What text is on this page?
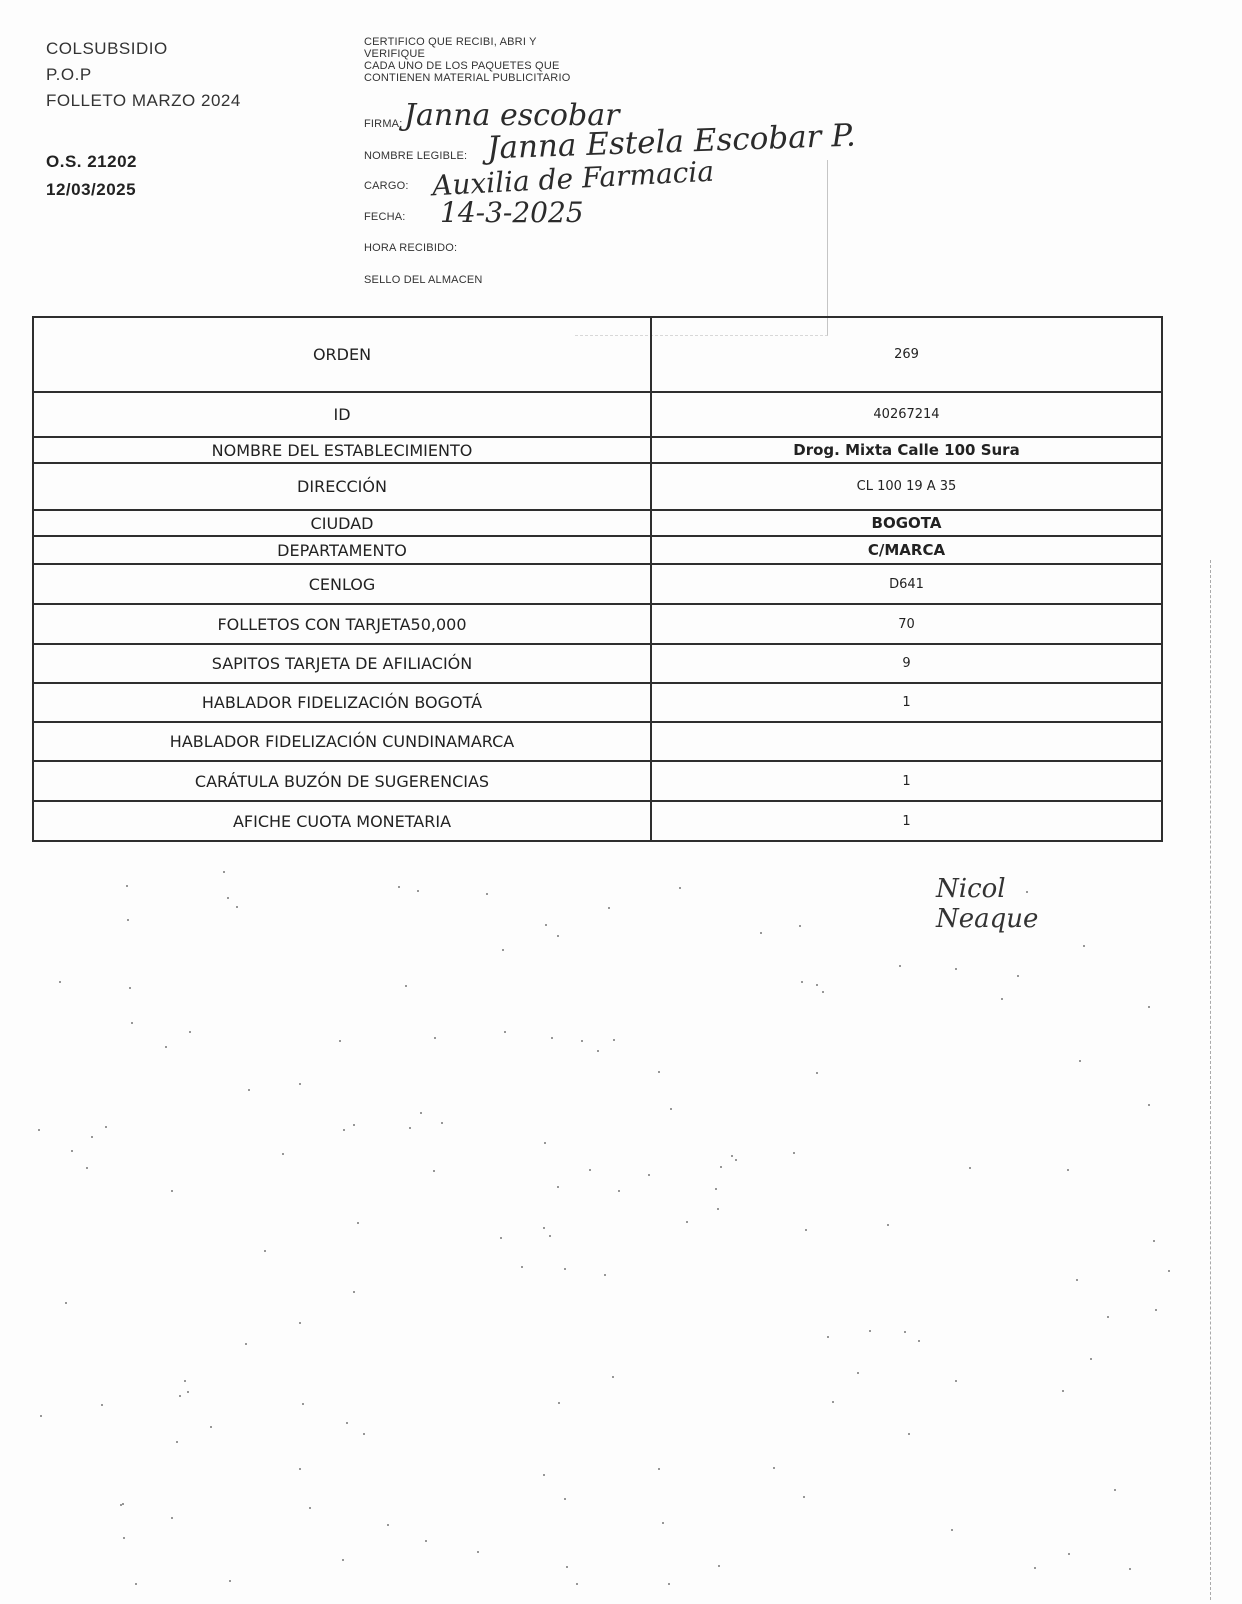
COLSUBSIDIO
P.O.P
FOLLETO MARZO 2024
O.S. 21202
12/03/2025
CERTIFICO QUE RECIBI, ABRI Y
VERIFIQUE
CADA UNO DE LOS PAQUETES QUE
CONTIENEN MATERIAL PUBLICITARIO
FIRMA: Janna escobar
NOMBRE LEGIBLE: Janna Estela Escobar P.
CARGO: Auxilia de Farmacia
FECHA: 14-3-2025
HORA RECIBIDO:
SELLO DEL ALMACEN
ORDEN	269
ID	40267214
NOMBRE DEL ESTABLECIMIENTO	Drog. Mixta Calle 100 Sura
DIRECCIÓN	CL 100 19 A 35
CIUDAD	BOGOTA
DEPARTAMENTO	C/MARCA
CENLOG	D641
FOLLETOS CON TARJETA50,000	70
SAPITOS TARJETA DE AFILIACIÓN	9
HABLADOR FIDELIZACIÓN BOGOTÁ	1
HABLADOR FIDELIZACIÓN CUNDINAMARCA	
CARÁTULA BUZÓN DE SUGERENCIAS	1
AFICHE CUOTA MONETARIA	1
Nicol
Neaque
